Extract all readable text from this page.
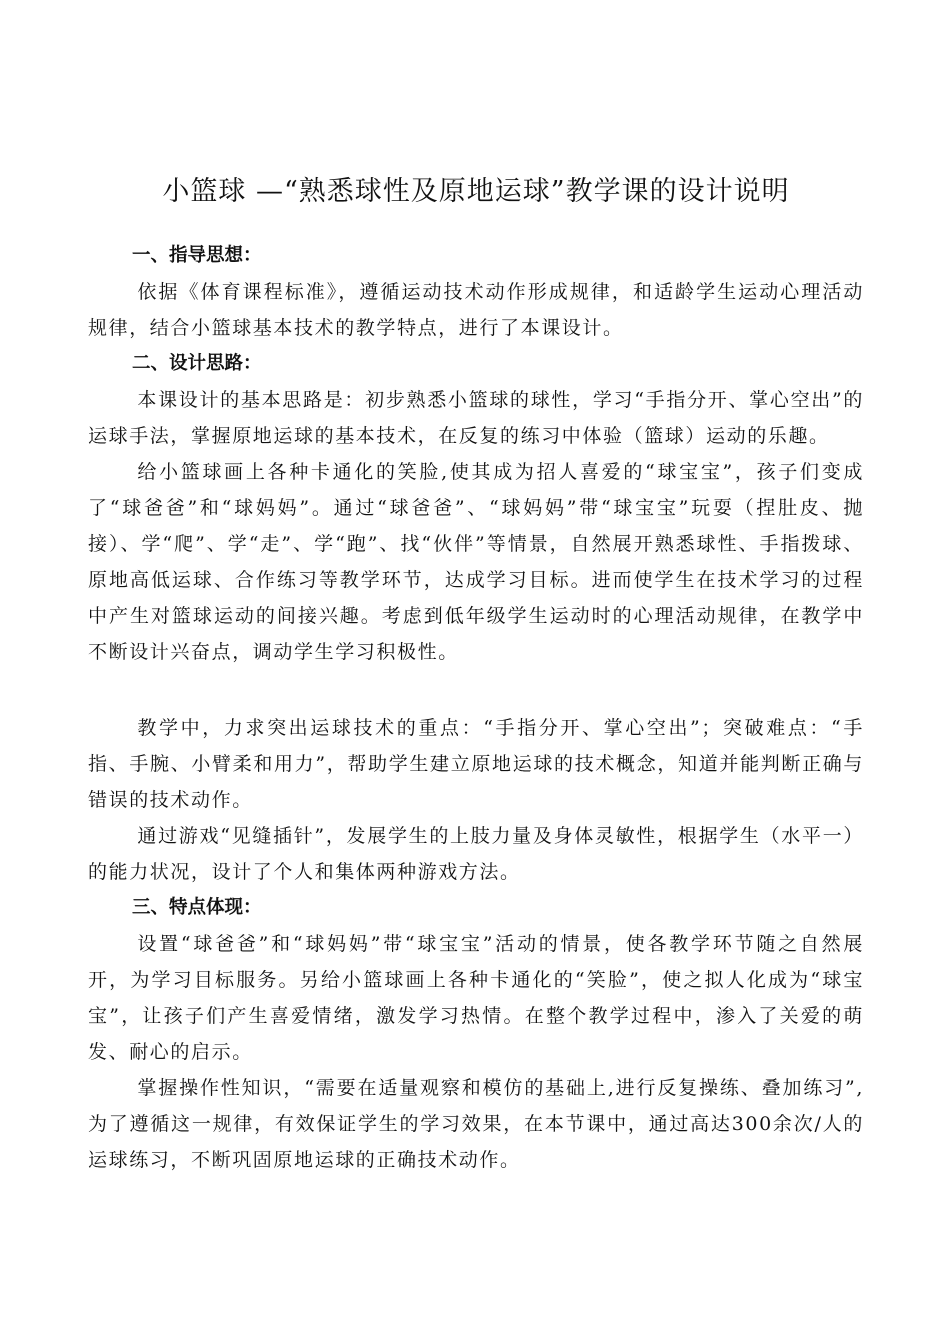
小篮球 —“熟悉球性及原地运球”教学课的设计说明

一、指导思想：

依据《体育课程标准》，遵循运动技术动作形成规律，和适龄学生运动心理活动规律，结合小篮球基本技术的教学特点，进行了本课设计。

二、设计思路：

本课设计的基本思路是：初步熟悉小篮球的球性，学习“手指分开、掌心空出”的运球手法，掌握原地运球的基本技术，在反复的练习中体验（篮球）运动的乐趣。

给小篮球画上各种卡通化的笑脸,使其成为招人喜爱的“球宝宝”，孩子们变成了“球爸爸”和“球妈妈”。通过“球爸爸”、“球妈妈”带“球宝宝”玩耍（捏肚皮、抛接）、学“爬”、学“走”、学“跑”、找“伙伴”等情景，自然展开熟悉球性、手指拨球、原地高低运球、合作练习等教学环节，达成学习目标。进而使学生在技术学习的过程中产生对篮球运动的间接兴趣。考虑到低年级学生运动时的心理活动规律，在教学中不断设计兴奋点，调动学生学习积极性。

教学中，力求突出运球技术的重点：“手指分开、掌心空出”；突破难点：“手指、手腕、小臂柔和用力”，帮助学生建立原地运球的技术概念，知道并能判断正确与错误的技术动作。

通过游戏“见缝插针”，发展学生的上肢力量及身体灵敏性，根据学生（水平一）的能力状况，设计了个人和集体两种游戏方法。

三、特点体现：

设置“球爸爸”和“球妈妈”带“球宝宝”活动的情景，使各教学环节随之自然展开，为学习目标服务。另给小篮球画上各种卡通化的“笑脸”，使之拟人化成为“球宝宝”，让孩子们产生喜爱情绪，激发学习热情。在整个教学过程中，渗入了关爱的萌发、耐心的启示。

掌握操作性知识，“需要在适量观察和模仿的基础上,进行反复操练、叠加练习”,为了遵循这一规律，有效保证学生的学习效果，在本节课中，通过高达300余次/人的运球练习，不断巩固原地运球的正确技术动作。
